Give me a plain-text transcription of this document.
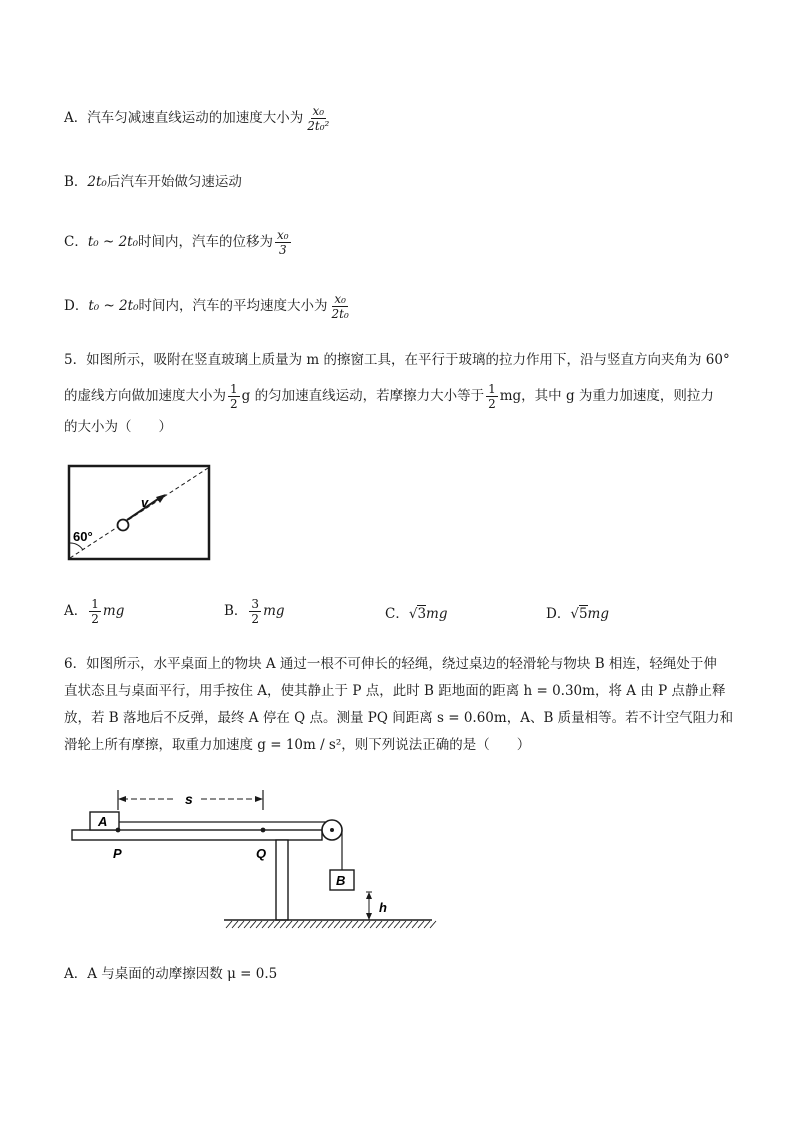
A．汽车匀减速直线运动的加速度大小为 $\frac{\text{x₀}}{\text{2t₀²}}$
B．2t₀后汽车开始做匀速运动
C．t₀ ~ 2t₀时间内，汽车的位移为 $\frac{\text{x₀}}{3}$
D．t₀ ~ 2t₀时间内，汽车的平均速度大小为 $\frac{\text{x₀}}{\text{2t₀}}$
5．如图所示，吸附在竖直玻璃上质量为 m 的擦窗工具，在平行于玻璃的拉力作用下，沿与竖直方向夹角为 60°
的虚线方向做加速度大小为 $\frac{1}{2}$ g 的匀加速直线运动，若摩擦力大小等于 $\frac{1}{2}$ mg，其中 g 为重力加速度，则拉力
的大小为（　　）
v
60°
A． $\frac{1}{2}$ mg	B． $\frac{3}{2}$ mg	C．√3mg	D．√5mg
6．如图所示，水平桌面上的物块 A 通过一根不可伸长的轻绳，绕过桌边的轻滑轮与物块 B 相连，轻绳处于伸
直状态且与桌面平行，用手按住 A，使其静止于 P 点，此时 B 距地面的距离 h = 0.30m，将 A 由 P 点静止释
放，若 B 落地后不反弹，最终 A 停在 Q 点。测量 PQ 间距离 s = 0.60m，A、B 质量相等。若不计空气阻力和
滑轮上所有摩擦，取重力加速度 g = 10m / s²，则下列说法正确的是（　　）
s
A
P	Q
B
h
A．A 与桌面的动摩擦因数 μ = 0.5
